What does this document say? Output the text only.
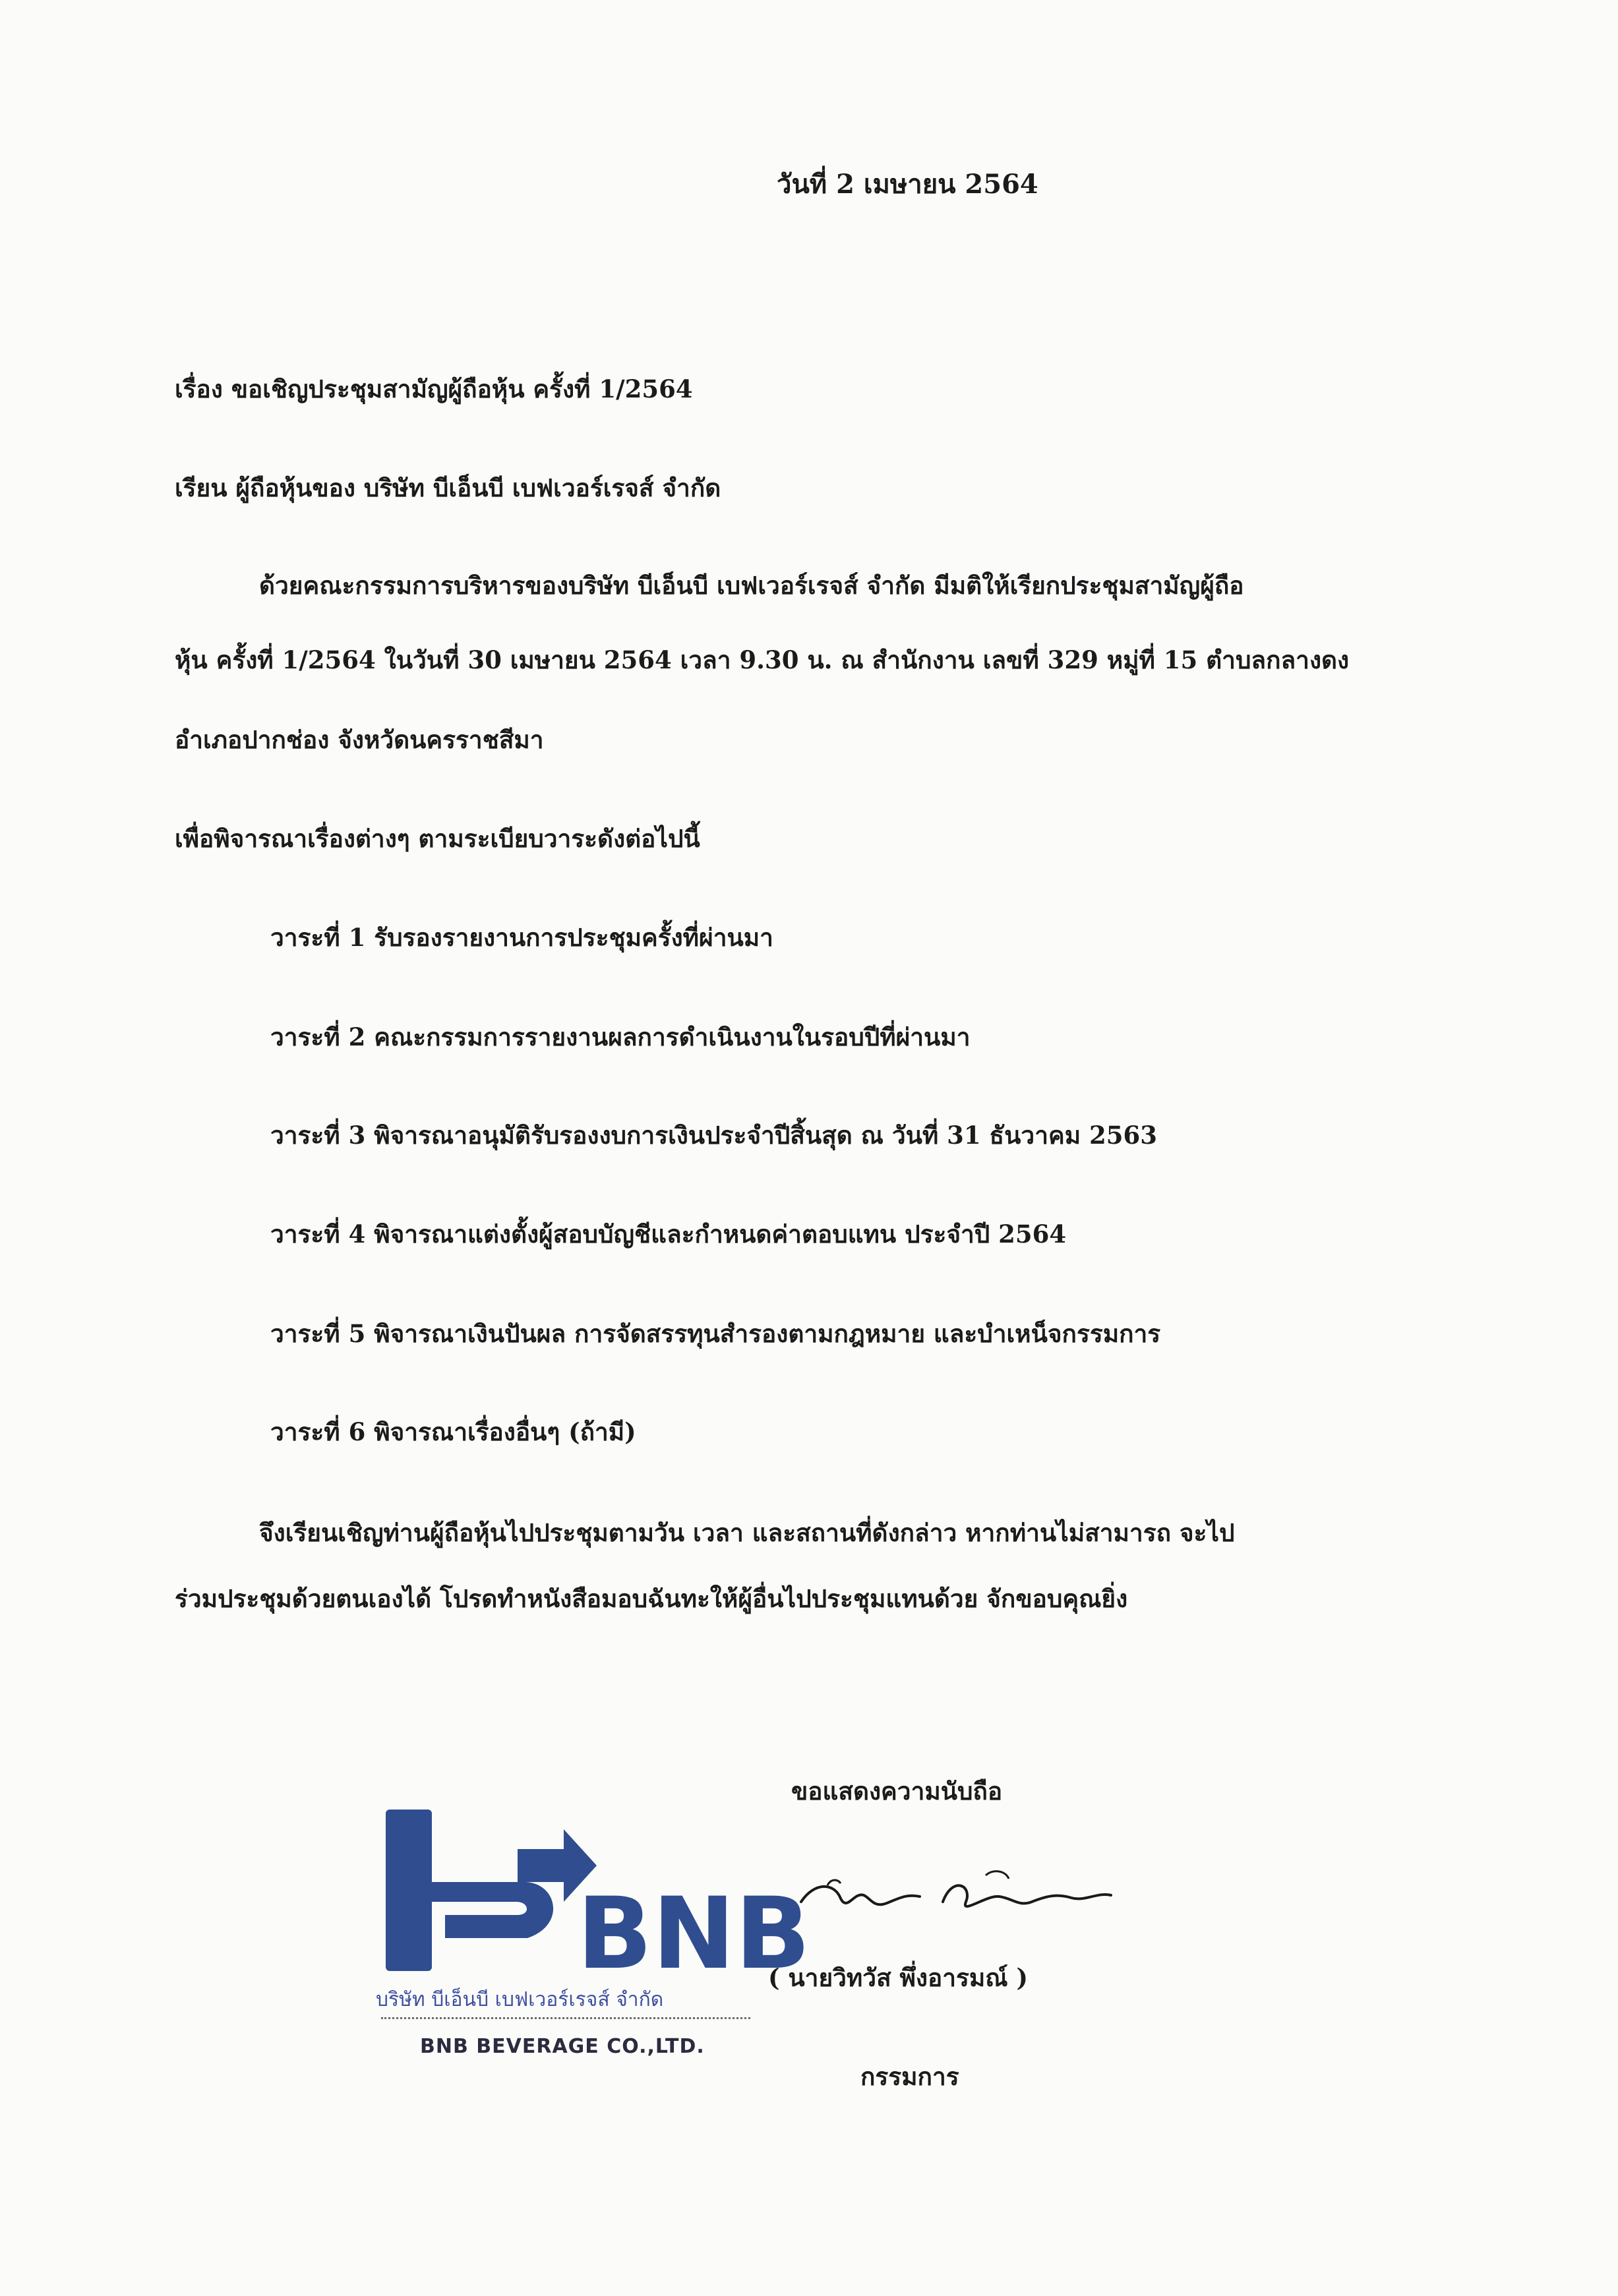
วันที่ 2 เมษายน 2564
เรื่อง ขอเชิญประชุมสามัญผู้ถือหุ้น ครั้งที่ 1/2564
เรียน ผู้ถือหุ้นของ บริษัท บีเอ็นบี เบฟเวอร์เรจส์ จำกัด
ด้วยคณะกรรมการบริหารของบริษัท บีเอ็นบี เบฟเวอร์เรจส์ จำกัด มีมติให้เรียกประชุมสามัญผู้ถือ
หุ้น ครั้งที่ 1/2564 ในวันที่ 30 เมษายน 2564 เวลา 9.30 น. ณ สำนักงาน เลขที่ 329 หมู่ที่ 15 ตำบลกลางดง
อำเภอปากช่อง จังหวัดนครราชสีมา
เพื่อพิจารณาเรื่องต่างๆ ตามระเบียบวาระดังต่อไปนี้
วาระที่ 1 รับรองรายงานการประชุมครั้งที่ผ่านมา
วาระที่ 2 คณะกรรมการรายงานผลการดำเนินงานในรอบปีที่ผ่านมา
วาระที่ 3 พิจารณาอนุมัติรับรองงบการเงินประจำปีสิ้นสุด ณ วันที่ 31 ธันวาคม 2563
วาระที่ 4 พิจารณาแต่งตั้งผู้สอบบัญชีและกำหนดค่าตอบแทน ประจำปี 2564
วาระที่ 5 พิจารณาเงินปันผล การจัดสรรทุนสำรองตามกฎหมาย และบำเหน็จกรรมการ
วาระที่ 6 พิจารณาเรื่องอื่นๆ (ถ้ามี)
จึงเรียนเชิญท่านผู้ถือหุ้นไปประชุมตามวัน เวลา และสถานที่ดังกล่าว หากท่านไม่สามารถ จะไป
ร่วมประชุมด้วยตนเองได้ โปรดทำหนังสือมอบฉันทะให้ผู้อื่นไปประชุมแทนด้วย จักขอบคุณยิ่ง
ขอแสดงความนับถือ
( นายวิทวัส พึ่งอารมณ์ )
กรรมการ
BNB
บริษัท บีเอ็นบี เบฟเวอร์เรจส์ จำกัด
BNB BEVERAGE CO.,LTD.
